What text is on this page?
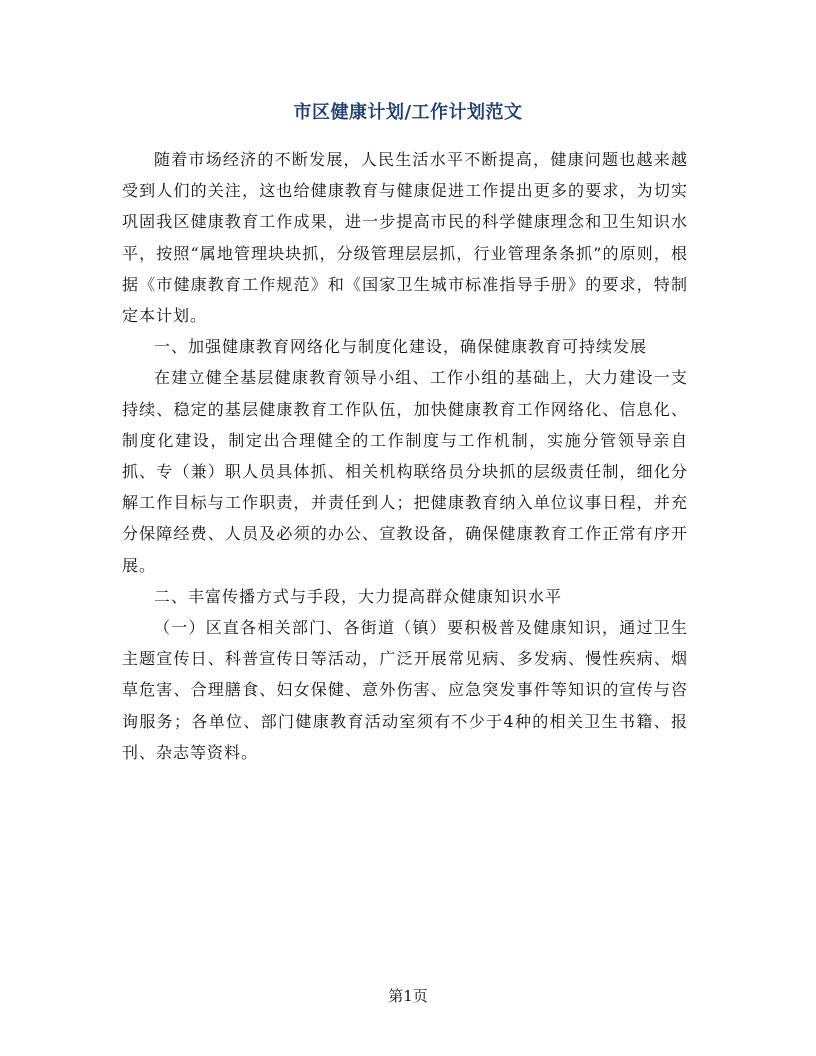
市区健康计划/工作计划范文

随着市场经济的不断发展，人民生活水平不断提高，健康问题也越来越受到人们的关注，这也给健康教育与健康促进工作提出更多的要求，为切实巩固我区健康教育工作成果，进一步提高市民的科学健康理念和卫生知识水平，按照“属地管理块块抓，分级管理层层抓，行业管理条条抓”的原则，根据《市健康教育工作规范》和《国家卫生城市标准指导手册》的要求，特制定本计划。

一、加强健康教育网络化与制度化建设，确保健康教育可持续发展

在建立健全基层健康教育领导小组、工作小组的基础上，大力建设一支持续、稳定的基层健康教育工作队伍，加快健康教育工作网络化、信息化、制度化建设，制定出合理健全的工作制度与工作机制，实施分管领导亲自抓、专（兼）职人员具体抓、相关机构联络员分块抓的层级责任制，细化分解工作目标与工作职责，并责任到人；把健康教育纳入单位议事日程，并充分保障经费、人员及必须的办公、宣教设备，确保健康教育工作正常有序开展。

二、丰富传播方式与手段，大力提高群众健康知识水平

（一）区直各相关部门、各街道（镇）要积极普及健康知识，通过卫生主题宣传日、科普宣传日等活动，广泛开展常见病、多发病、慢性疾病、烟草危害、合理膳食、妇女保健、意外伤害、应急突发事件等知识的宣传与咨询服务；各单位、部门健康教育活动室须有不少于4种的相关卫生书籍、报刊、杂志等资料。

第1页
